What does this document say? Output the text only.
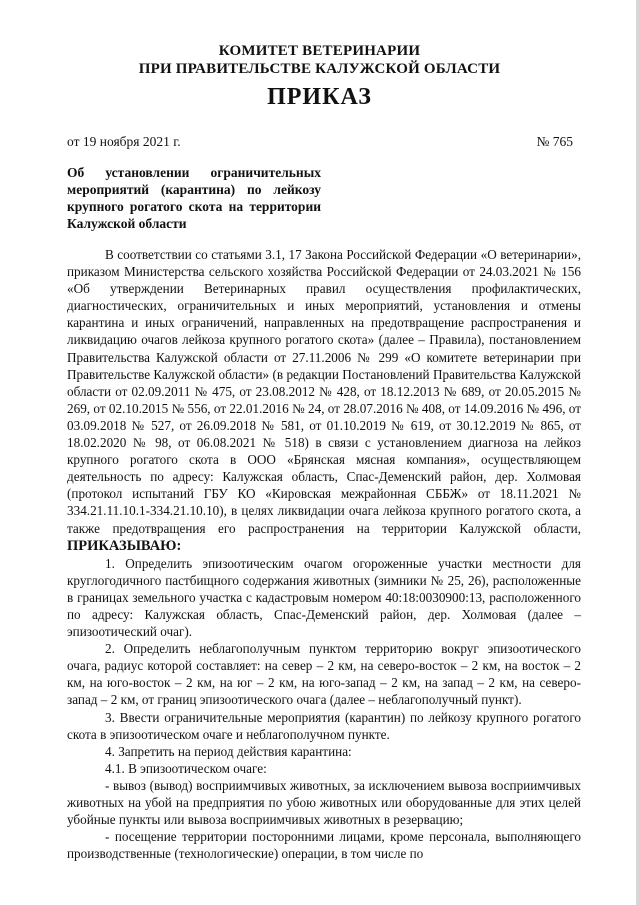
КОМИТЕТ ВЕТЕРИНАРИИ
ПРИ ПРАВИТЕЛЬСТВЕ КАЛУЖСКОЙ ОБЛАСТИ
ПРИКАЗ
от 19 ноября 2021 г.	№ 765
Об установлении ограничительных мероприятий (карантина) по лейкозу крупного рогатого скота на территории
Калужской области

В соответствии со статьями 3.1, 17 Закона Российской Федерации «О ветеринарии», приказом Министерства сельского хозяйства Российской Федерации от 24.03.2021 № 156 «Об утверждении Ветеринарных правил осуществления профилактических, диагностических, ограничительных и иных мероприятий, установления и отмены карантина и иных ограничений, направленных на предотвращение распространения и ликвидацию очагов лейкоза крупного рогатого скота» (далее – Правила), постановлением Правительства Калужской области от 27.11.2006 № 299 «О комитете ветеринарии при Правительстве Калужской области» (в редакции Постановлений Правительства Калужской области от 02.09.2011 № 475, от 23.08.2012 № 428, от 18.12.2013 № 689, от 20.05.2015 № 269, от 02.10.2015 № 556, от 22.01.2016 № 24, от 28.07.2016 № 408, от 14.09.2016 № 496, от 03.09.2018 № 527, от 26.09.2018 № 581, от 01.10.2019 № 619, от 30.12.2019 № 865, от 18.02.2020 № 98, от 06.08.2021 № 518) в связи с установлением диагноза на лейкоз крупного рогатого скота в ООО «Брянская мясная компания», осуществляющем деятельность по адресу: Калужская область, Спас-Деменский район, дер. Холмовая (протокол испытаний ГБУ КО «Кировская межрайонная СББЖ» от 18.11.2021 № 334.21.11.10.1-334.21.10.10), в целях ликвидации очага лейкоза крупного рогатого скота, а также предотвращения его распространения на территории Калужской области, ПРИКАЗЫВАЮ:

1. Определить эпизоотическим очагом огороженные участки местности для круглогодичного пастбищного содержания животных (зимники № 25, 26), расположенные в границах земельного участка с кадастровым номером 40:18:0030900:13, расположенного по адресу: Калужская область, Спас-Деменский район, дер. Холмовая (далее – эпизоотический очаг).

2. Определить неблагополучным пунктом территорию вокруг эпизоотического очага, радиус которой составляет: на север – 2 км, на северо-восток – 2 км, на восток – 2 км, на юго-восток – 2 км, на юг – 2 км, на юго-запад – 2 км, на запад – 2 км, на северо-запад – 2 км, от границ эпизоотического очага (далее – неблагополучный пункт).

3. Ввести ограничительные мероприятия (карантин) по лейкозу крупного рогатого скота в эпизоотическом очаге и неблагополучном пункте.

4. Запретить на период действия карантина:

4.1. В эпизоотическом очаге:

- вывоз (вывод) восприимчивых животных, за исключением вывоза восприимчивых животных на убой на предприятия по убою животных или оборудованные для этих целей убойные пункты или вывоза восприимчивых животных в резервацию;

- посещение территории посторонними лицами, кроме персонала, выполняющего производственные (технологические) операции, в том числе по
